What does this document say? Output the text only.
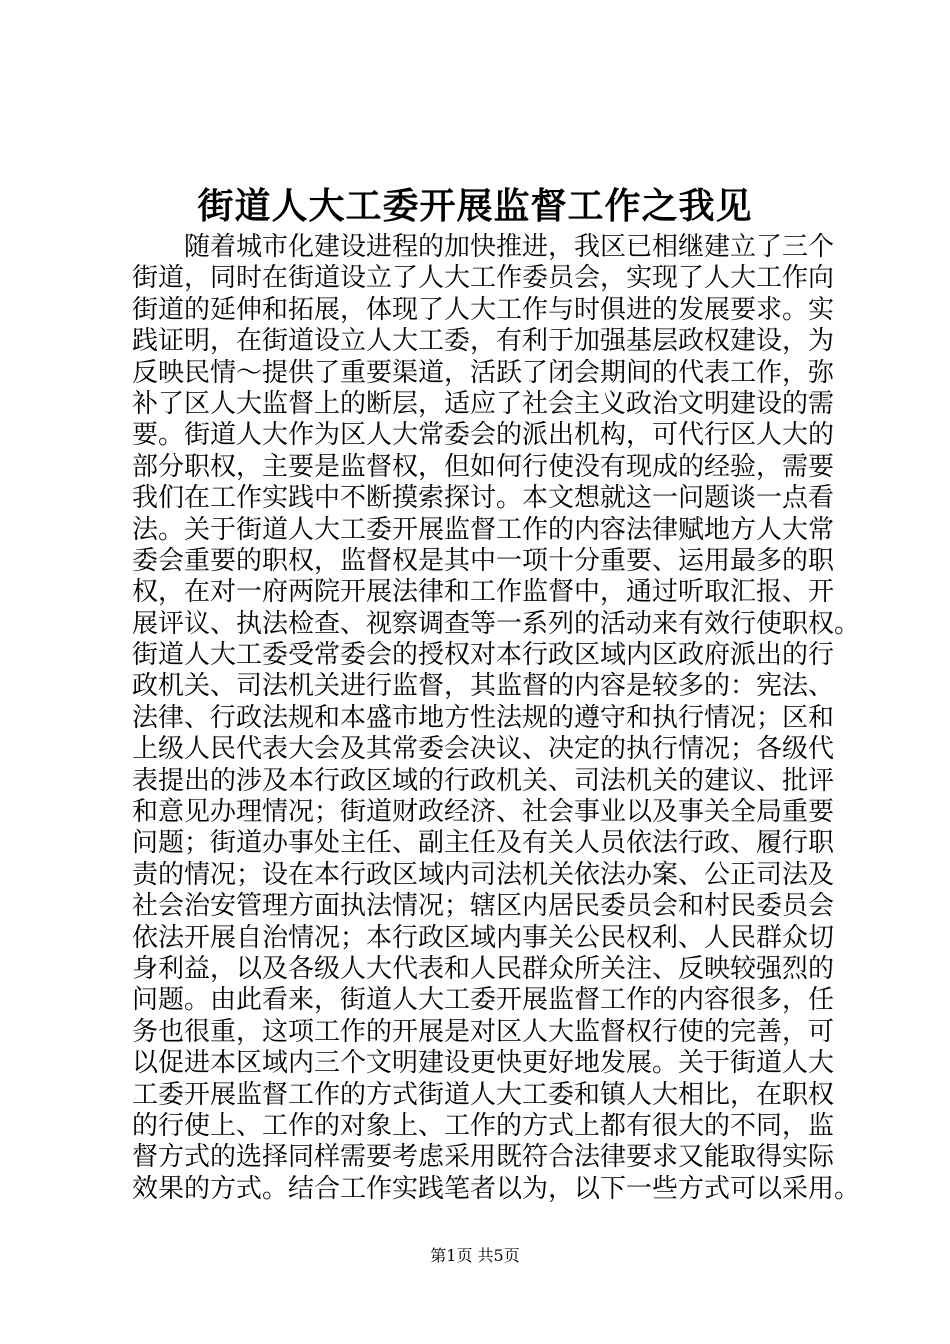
街道人大工委开展监督工作之我见
随着城市化建设进程的加快推进，我区已相继建立了三个
街道，同时在街道设立了人大工作委员会，实现了人大工作向
街道的延伸和拓展，体现了人大工作与时俱进的发展要求。实
践证明，在街道设立人大工委，有利于加强基层政权建设，为
反映民情～提供了重要渠道，活跃了闭会期间的代表工作，弥
补了区人大监督上的断层，适应了社会主义政治文明建设的需
要。街道人大作为区人大常委会的派出机构，可代行区人大的
部分职权，主要是监督权，但如何行使没有现成的经验，需要
我们在工作实践中不断摸索探讨。本文想就这一问题谈一点看
法。关于街道人大工委开展监督工作的内容法律赋地方人大常
委会重要的职权，监督权是其中一项十分重要、运用最多的职
权，在对一府两院开展法律和工作监督中，通过听取汇报、开
展评议、执法检查、视察调查等一系列的活动来有效行使职权。
街道人大工委受常委会的授权对本行政区域内区政府派出的行
政机关、司法机关进行监督，其监督的内容是较多的：宪法、
法律、行政法规和本盛市地方性法规的遵守和执行情况；区和
上级人民代表大会及其常委会决议、决定的执行情况；各级代
表提出的涉及本行政区域的行政机关、司法机关的建议、批评
和意见办理情况；街道财政经济、社会事业以及事关全局重要
问题；街道办事处主任、副主任及有关人员依法行政、履行职
责的情况；设在本行政区域内司法机关依法办案、公正司法及
社会治安管理方面执法情况；辖区内居民委员会和村民委员会
依法开展自治情况；本行政区域内事关公民权利、人民群众切
身利益，以及各级人大代表和人民群众所关注、反映较强烈的
问题。由此看来，街道人大工委开展监督工作的内容很多，任
务也很重，这项工作的开展是对区人大监督权行使的完善，可
以促进本区域内三个文明建设更快更好地发展。关于街道人大
工委开展监督工作的方式街道人大工委和镇人大相比，在职权
的行使上、工作的对象上、工作的方式上都有很大的不同，监
督方式的选择同样需要考虑采用既符合法律要求又能取得实际
效果的方式。结合工作实践笔者以为，以下一些方式可以采用。
第1页 共5页
